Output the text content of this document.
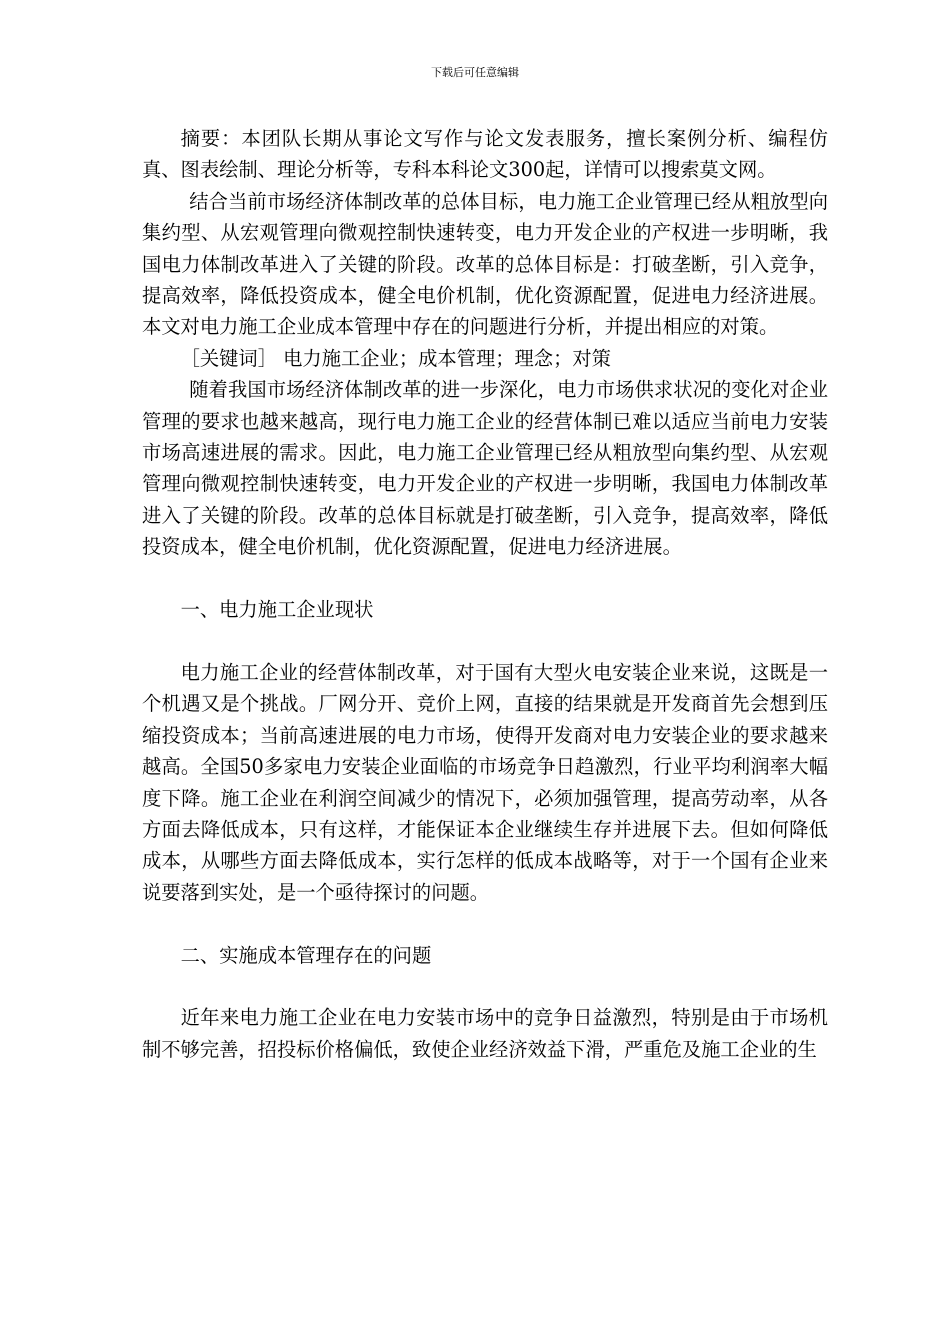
下载后可任意编辑

摘要：本团队长期从事论文写作与论文发表服务，擅长案例分析、编程仿真、图表绘制、理论分析等，专科本科论文300起，详情可以搜索莫文网。

结合当前市场经济体制改革的总体目标，电力施工企业管理已经从粗放型向集约型、从宏观管理向微观控制快速转变，电力开发企业的产权进一步明晰，我国电力体制改革进入了关键的阶段。改革的总体目标是：打破垄断，引入竞争，提高效率，降低投资成本，健全电价机制，优化资源配置，促进电力经济进展。本文对电力施工企业成本管理中存在的问题进行分析，并提出相应的对策。

［关键词］ 电力施工企业；成本管理；理念；对策

随着我国市场经济体制改革的进一步深化，电力市场供求状况的变化对企业管理的要求也越来越高，现行电力施工企业的经营体制已难以适应当前电力安装市场高速进展的需求。因此，电力施工企业管理已经从粗放型向集约型、从宏观管理向微观控制快速转变，电力开发企业的产权进一步明晰，我国电力体制改革进入了关键的阶段。改革的总体目标就是打破垄断，引入竞争，提高效率，降低投资成本，健全电价机制，优化资源配置，促进电力经济进展。

一、电力施工企业现状

电力施工企业的经营体制改革，对于国有大型火电安装企业来说，这既是一个机遇又是个挑战。厂网分开、竞价上网，直接的结果就是开发商首先会想到压缩投资成本；当前高速进展的电力市场，使得开发商对电力安装企业的要求越来越高。全国50多家电力安装企业面临的市场竞争日趋激烈，行业平均利润率大幅度下降。施工企业在利润空间减少的情况下，必须加强管理，提高劳动率，从各方面去降低成本，只有这样，才能保证本企业继续生存并进展下去。但如何降低成本，从哪些方面去降低成本，实行怎样的低成本战略等，对于一个国有企业来说要落到实处，是一个亟待探讨的问题。

二、实施成本管理存在的问题

近年来电力施工企业在电力安装市场中的竞争日益激烈，特别是由于市场机制不够完善，招投标价格偏低，致使企业经济效益下滑，严重危及施工企业的生
